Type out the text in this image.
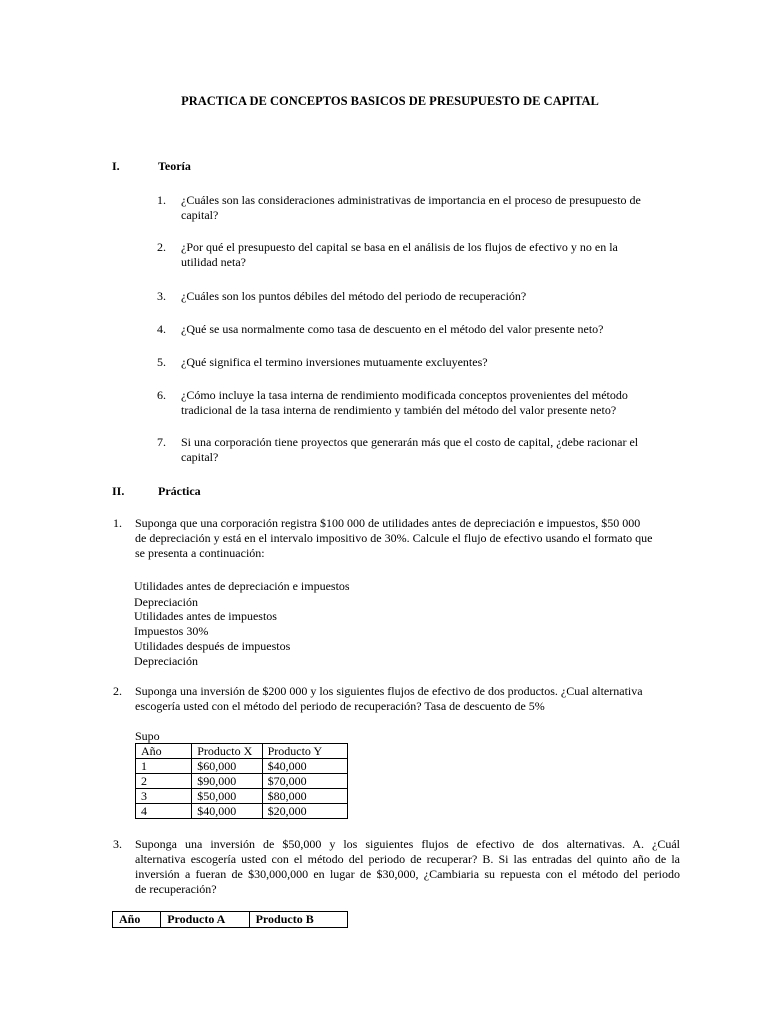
PRACTICA DE CONCEPTOS BASICOS DE PRESUPUESTO DE CAPITAL
I.	Teoría
1.	¿Cuáles son las consideraciones administrativas de importancia en el proceso de presupuesto de
capital?
2.	¿Por qué el presupuesto del capital se basa en el análisis de los flujos de efectivo y no en la
utilidad neta?
3.	¿Cuáles son los puntos débiles del método del periodo de recuperación?
4.	¿Qué se usa normalmente como tasa de descuento en el método del valor presente neto?
5.	¿Qué significa el termino inversiones mutuamente excluyentes?
6.	¿Cómo incluye la tasa interna de rendimiento modificada conceptos provenientes del método
tradicional de la tasa interna de rendimiento y también del método del valor presente neto?
7.	Si una corporación tiene proyectos que generarán más que el costo de capital, ¿debe racionar el
capital?
II.	Práctica
1. Suponga que una corporación registra $100 000 de utilidades antes de depreciación e impuestos, $50 000
de depreciación y está en el intervalo impositivo de 30%. Calcule el flujo de efectivo usando el formato que
se presenta a continuación:
Utilidades antes de depreciación e impuestos
Depreciación
Utilidades antes de impuestos
Impuestos 30%
Utilidades después de impuestos
Depreciación
2. Suponga una inversión de $200 000 y los siguientes flujos de efectivo de dos productos. ¿Cual alternativa
escogería usted con el método del periodo de recuperación? Tasa de descuento de 5%
Supo
Año	Producto X	Producto Y
1	$60,000	$40,000
2	$90,000	$70,000
3	$50,000	$80,000
4	$40,000	$20,000
3. Suponga una inversión de $50,000 y los siguientes flujos de efectivo de dos alternativas. A. ¿Cuál
alternativa escogería usted con el método del periodo de recuperar? B. Si las entradas del quinto año de la
inversión a fueran de $30,000,000 en lugar de $30,000, ¿Cambiaria su repuesta con el método del periodo
de recuperación?
Año	Producto A	Producto B
